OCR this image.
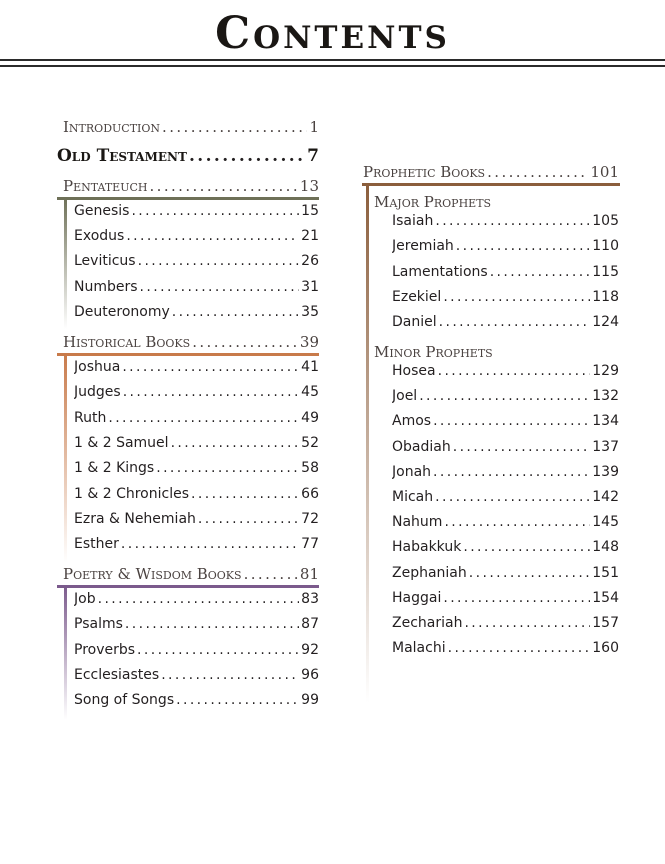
Contents
Introduction .....	1
Old Testament .....	7
Pentateuch .....	13
Genesis .....	15
Exodus .....	21
Leviticus .....	26
Numbers .....	31
Deuteronomy .....	35
Historical Books .....	39
Joshua .....	41
Judges .....	45
Ruth .....	49
1 & 2 Samuel .....	52
1 & 2 Kings .....	58
1 & 2 Chronicles .....	66
Ezra & Nehemiah .....	72
Esther .....	77
Poetry & Wisdom Books .....	81
Job .....	83
Psalms .....	87
Proverbs .....	92
Ecclesiastes .....	96
Song of Songs .....	99
Prophetic Books .....	101
Major Prophets
Isaiah .....	105
Jeremiah .....	110
Lamentations .....	115
Ezekiel .....	118
Daniel .....	124
Minor Prophets
Hosea .....	129
Joel .....	132
Amos .....	134
Obadiah .....	137
Jonah .....	139
Micah .....	142
Nahum .....	145
Habakkuk .....	148
Zephaniah .....	151
Haggai .....	154
Zechariah .....	157
Malachi .....	160
